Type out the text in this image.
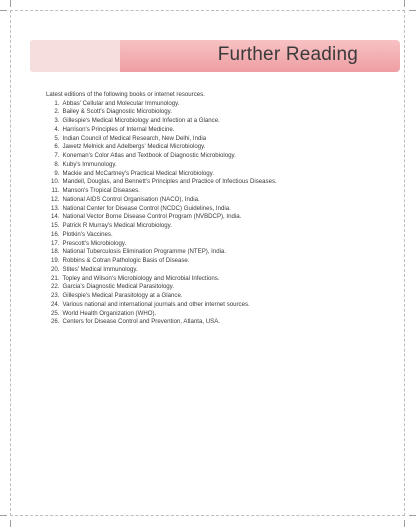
Further Reading
Latest editions of the following books or internet resources.
1. Abbas' Cellular and Molecular Immunology.
2. Bailey & Scott's Diagnostic Microbiology.
3. Gillespie's Medical Microbiology and Infection at a Glance.
4. Harrison's Principles of Internal Medicine.
5. Indian Council of Medical Research, New Delhi, India
6. Jawetz Melnick and Adelbergs' Medical Microbiology.
7. Koneman's Color Atlas and Textbook of Diagnostic Microbiology.
8. Kuby's Immunology.
9. Mackie and McCartney's Practical Medical Microbiology.
10. Mandell, Douglas, and Bennett's Principles and Practice of Infectious Diseases.
11. Manson's Tropical Diseases.
12. National AIDS Control Organisation (NACO), India.
13. National Center for Disease Control (NCDC) Guidelines, India.
14. National Vector Borne Disease Control Program (NVBDCP), India.
15. Patrick R Murray's Medical Microbiology.
16. Plotkin's Vaccines.
17. Prescott's Microbiology.
18. National Tuberculosis Elimination Programme (NTEP), India.
19. Robbins & Cotran Pathologic Basis of Disease.
20. Stites' Medical Immunology.
21. Topley and Wilson's Microbiology and Microbial Infections.
22. Garcia's Diagnostic Medical Parasitology.
23. Gillespie's Medical Parasitology at a Glance.
24. Various national and international journals and other internet sources.
25. World Health Organization (WHO).
26. Centers for Disease Control and Prevention, Atlanta, USA.
